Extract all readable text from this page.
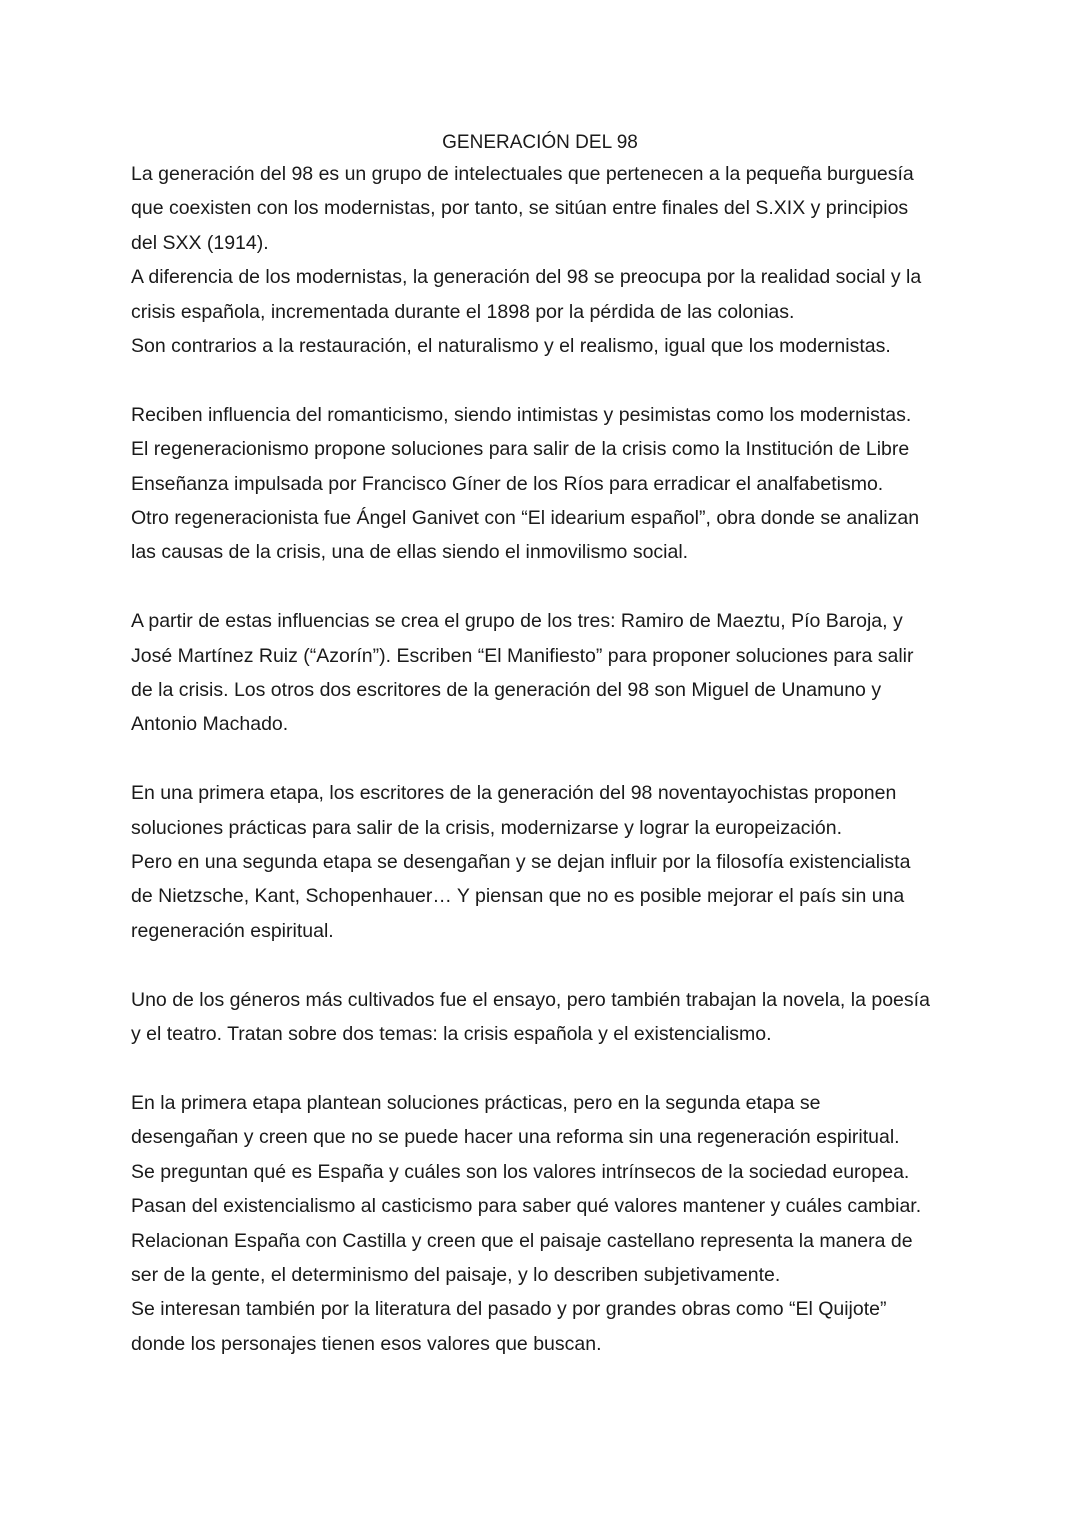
GENERACIÓN DEL 98
La generación del 98 es un grupo de intelectuales que pertenecen a la pequeña burguesía
que coexisten con los modernistas, por tanto, se sitúan entre finales del S.XIX y principios
del SXX (1914).
A diferencia de los modernistas, la generación del 98 se preocupa por la realidad social y la
crisis española, incrementada durante el 1898 por la pérdida de las colonias.
Son contrarios a la restauración, el naturalismo y el realismo, igual que los modernistas.
Reciben influencia del romanticismo, siendo intimistas y pesimistas como los modernistas.
El regeneracionismo propone soluciones para salir de la crisis como la Institución de Libre
Enseñanza impulsada por Francisco Gíner de los Ríos para erradicar el analfabetismo.
Otro regeneracionista fue Ángel Ganivet con “El idearium español”, obra donde se analizan
las causas de la crisis, una de ellas siendo el inmovilismo social.
A partir de estas influencias se crea el grupo de los tres: Ramiro de Maeztu, Pío Baroja, y
José Martínez Ruiz (“Azorín”). Escriben “El Manifiesto” para proponer soluciones para salir
de la crisis. Los otros dos escritores de la generación del 98 son Miguel de Unamuno y
Antonio Machado.
En una primera etapa, los escritores de la generación del 98 noventayochistas proponen
soluciones prácticas para salir de la crisis, modernizarse y lograr la europeización.
Pero en una segunda etapa se desengañan y se dejan influir por la filosofía existencialista
de Nietzsche, Kant, Schopenhauer… Y piensan que no es posible mejorar el país sin una
regeneración espiritual.
Uno de los géneros más cultivados fue el ensayo, pero también trabajan la novela, la poesía
y el teatro. Tratan sobre dos temas: la crisis española y el existencialismo.
En la primera etapa plantean soluciones prácticas, pero en la segunda etapa se
desengañan y creen que no se puede hacer una reforma sin una regeneración espiritual.
Se preguntan qué es España y cuáles son los valores intrínsecos de la sociedad europea.
Pasan del existencialismo al casticismo para saber qué valores mantener y cuáles cambiar.
Relacionan España con Castilla y creen que el paisaje castellano representa la manera de
ser de la gente, el determinismo del paisaje, y lo describen subjetivamente.
Se interesan también por la literatura del pasado y por grandes obras como “El Quijote”
donde los personajes tienen esos valores que buscan.
